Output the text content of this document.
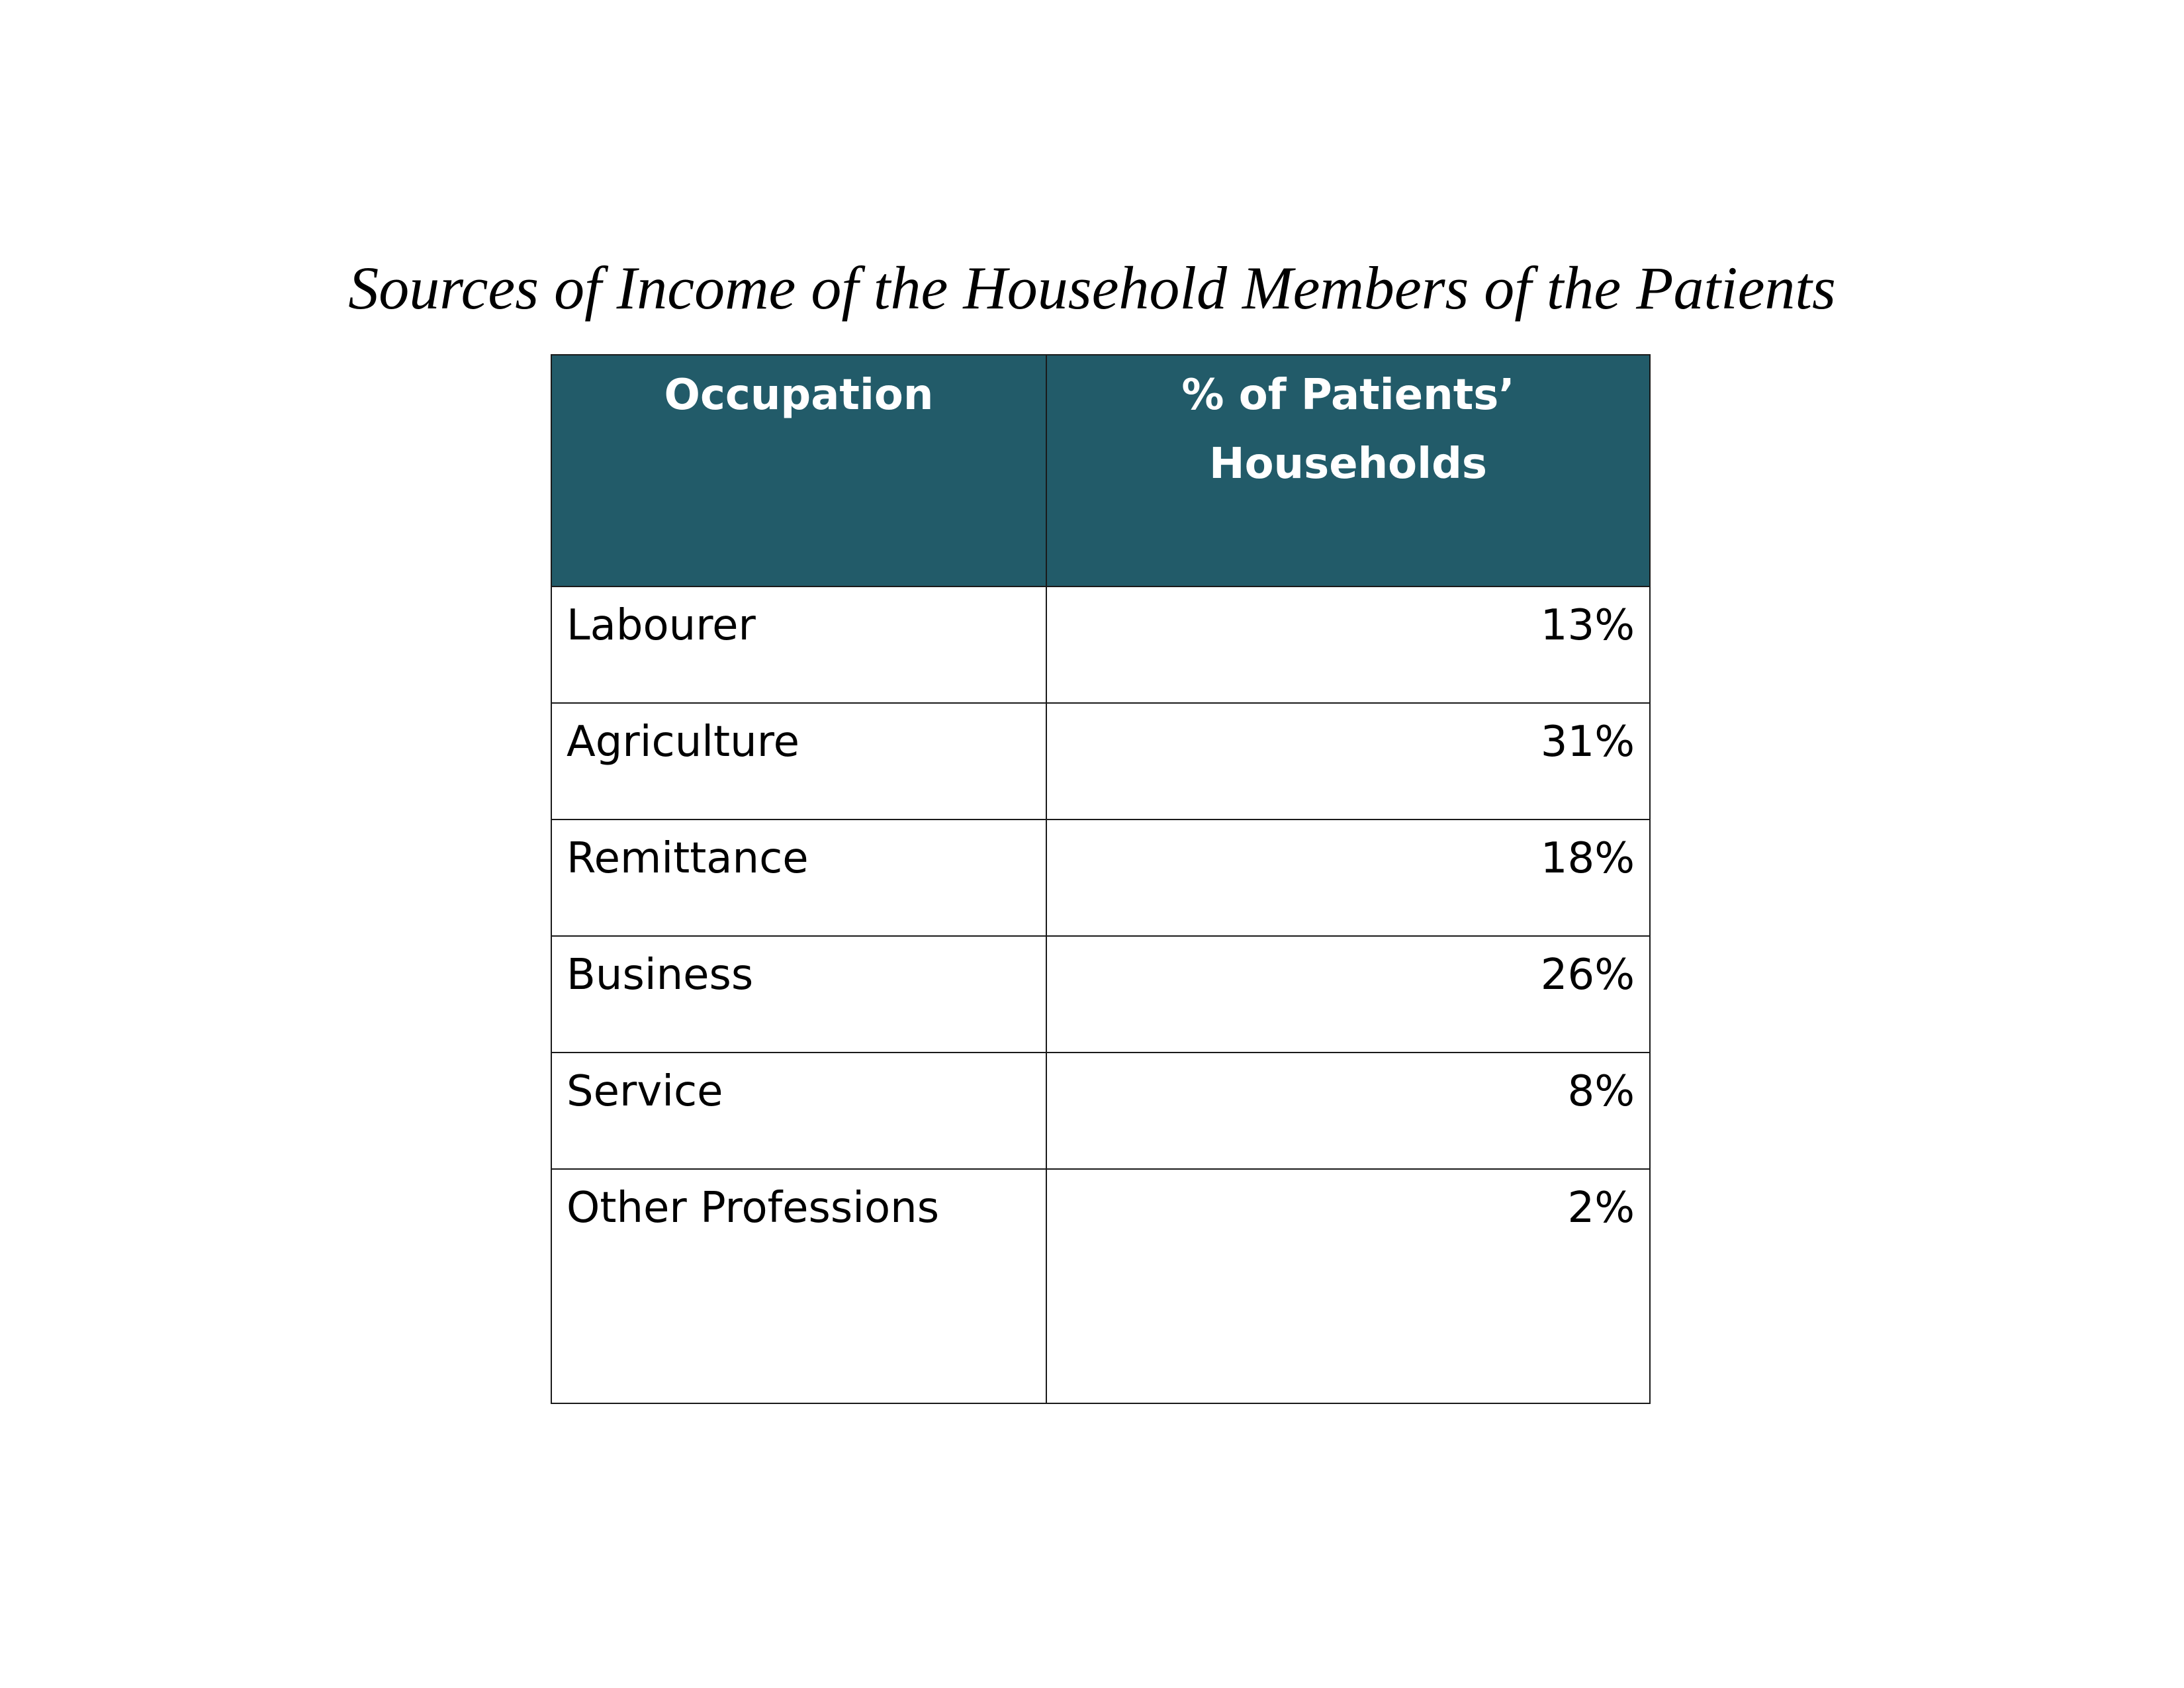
Sources of Income of the Household Members of the Patients
Occupation	% of Patients’ Households
Labourer	13%
Agriculture	31%
Remittance	18%
Business	26%
Service	8%
Other Professions	2%
